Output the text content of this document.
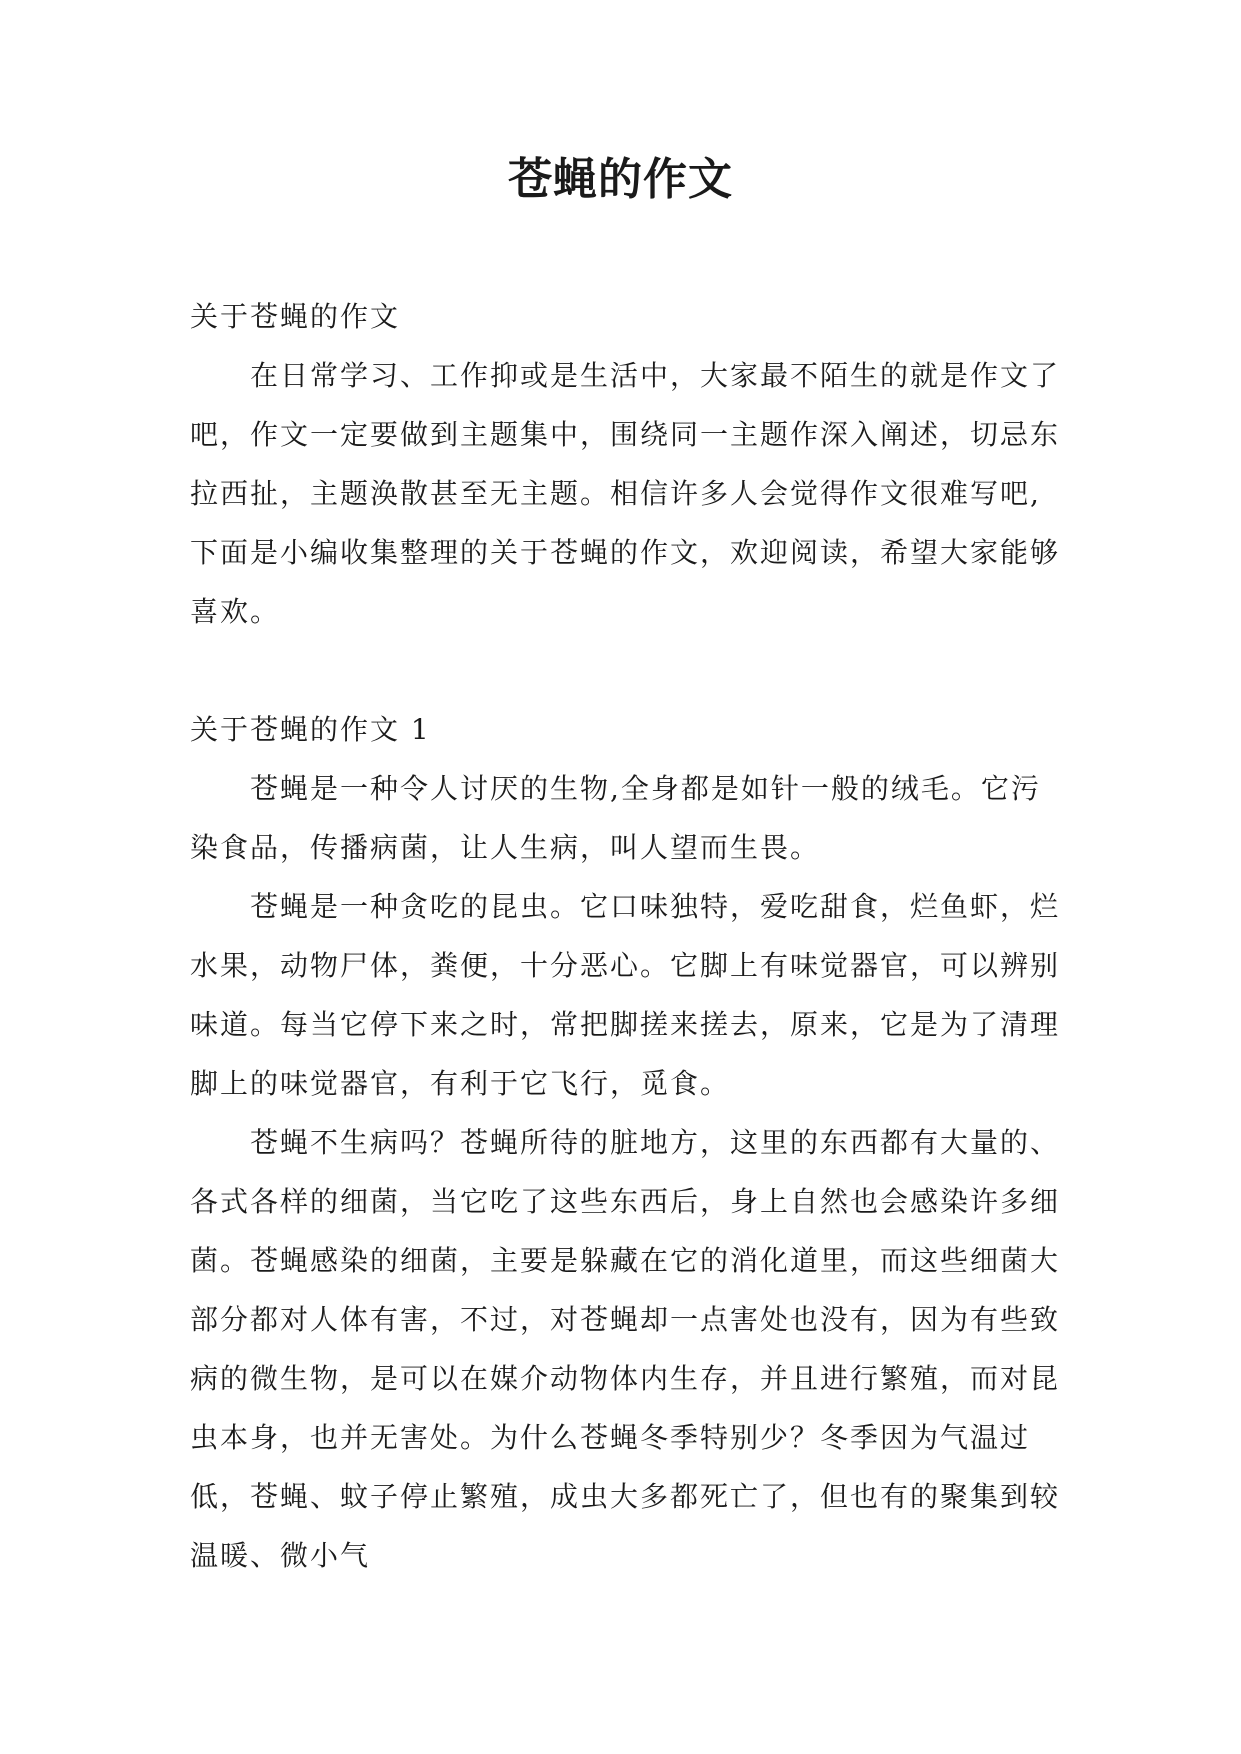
苍蝇的作文

关于苍蝇的作文

在日常学习、工作抑或是生活中，大家最不陌生的就是作文了吧，作文一定要做到主题集中，围绕同一主题作深入阐述，切忌东拉西扯，主题涣散甚至无主题。相信许多人会觉得作文很难写吧,下面是小编收集整理的关于苍蝇的作文，欢迎阅读，希望大家能够喜欢。

关于苍蝇的作文 1

苍蝇是一种令人讨厌的生物,全身都是如针一般的绒毛。它污染食品，传播病菌，让人生病，叫人望而生畏。

苍蝇是一种贪吃的昆虫。它口味独特，爱吃甜食，烂鱼虾，烂水果，动物尸体，粪便，十分恶心。它脚上有味觉器官，可以辨别味道。每当它停下来之时，常把脚搓来搓去，原来，它是为了清理脚上的味觉器官，有利于它飞行，觅食。

苍蝇不生病吗？苍蝇所待的脏地方，这里的东西都有大量的、各式各样的细菌，当它吃了这些东西后，身上自然也会感染许多细菌。苍蝇感染的细菌，主要是躲藏在它的消化道里，而这些细菌大部分都对人体有害，不过，对苍蝇却一点害处也没有，因为有些致病的微生物，是可以在媒介动物体内生存，并且进行繁殖，而对昆虫本身，也并无害处。为什么苍蝇冬季特别少？冬季因为气温过低，苍蝇、蚊子停止繁殖，成虫大多都死亡了，但也有的聚集到较温暖、微小气
